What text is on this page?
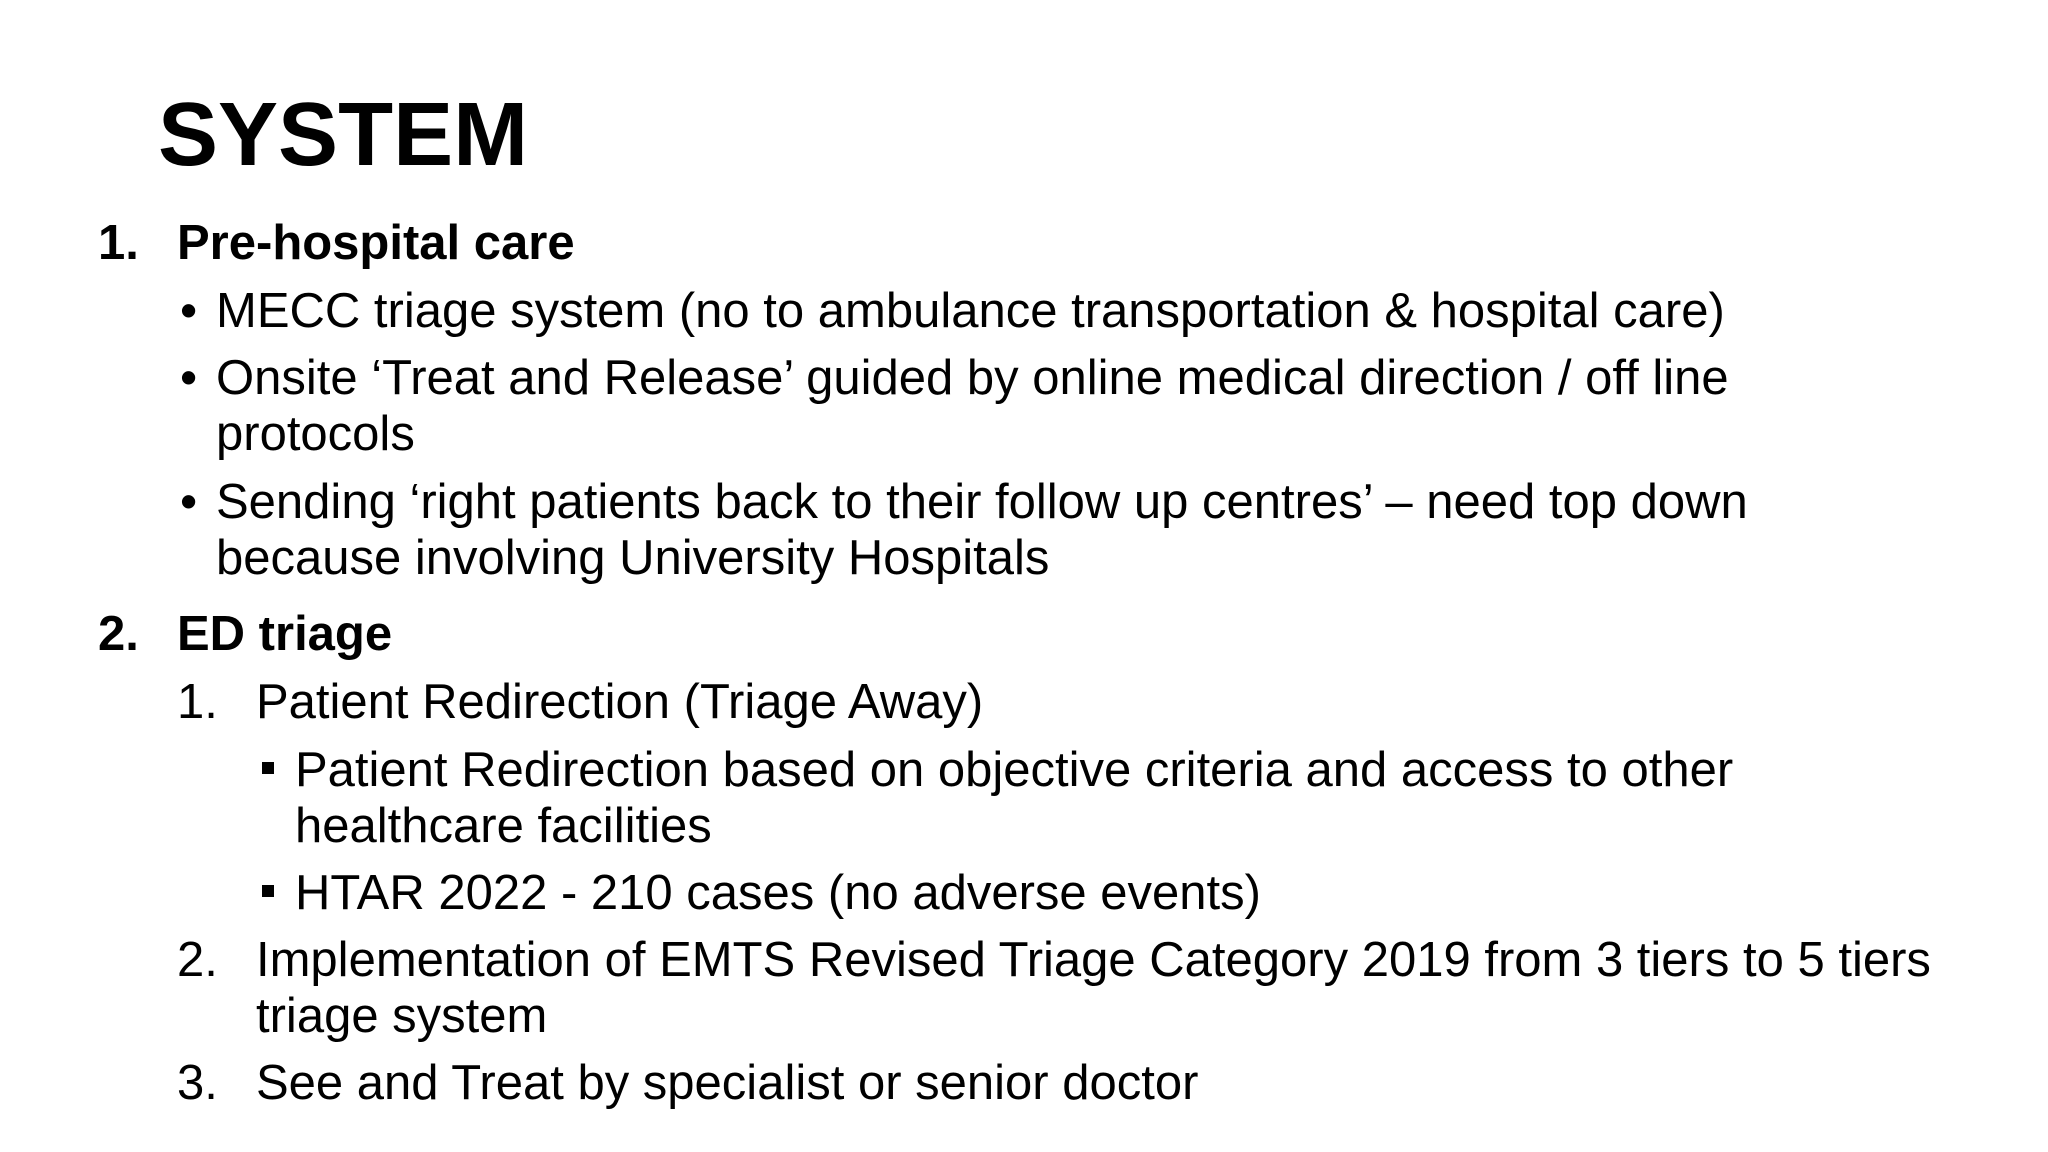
SYSTEM
1. Pre-hospital care
• MECC triage system (no to ambulance transportation & hospital care)
• Onsite ‘Treat and Release’ guided by online medical direction / off line
protocols
• Sending ‘right patients back to their follow up centres’ – need top down
because involving University Hospitals
2. ED triage
1. Patient Redirection (Triage Away)
Patient Redirection based on objective criteria and access to other
healthcare facilities
HTAR 2022 - 210 cases (no adverse events)
2. Implementation of EMTS Revised Triage Category 2019 from 3 tiers to 5 tiers
triage system
3. See and Treat by specialist or senior doctor
